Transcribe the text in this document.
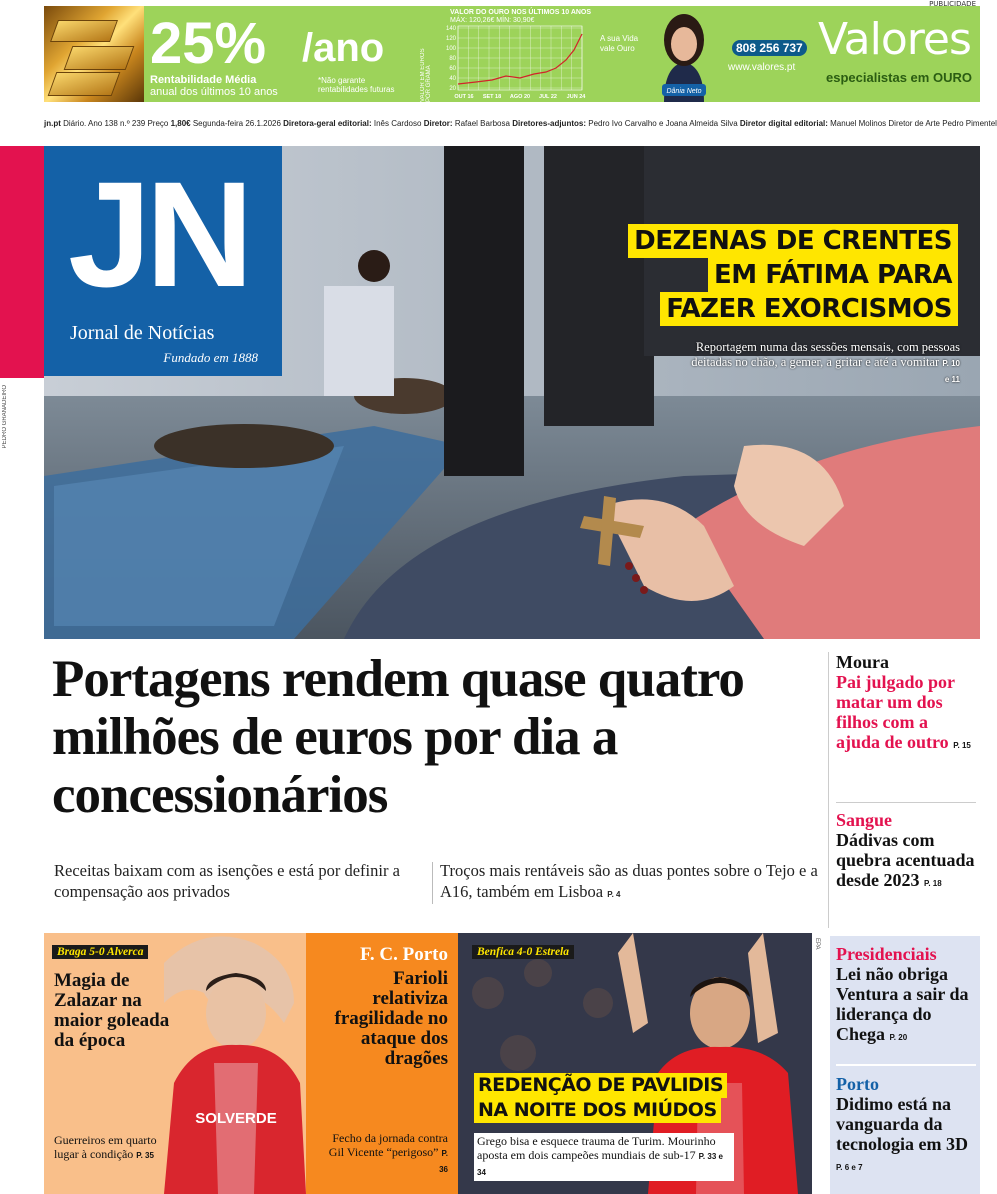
25% /ano
Rentabilidade Média
anual dos últimos 10 anos
*Não garante
rentabilidades futuras
VALOR DO OURO NOS ÚLTIMOS 10 ANOS
MÁX: 120,26€ MÍN: 30,90€
VALOR EM EUROS POR GRAMA
140
120
100
80
60
40
20
OUT 16 SET 18 AGO 20 JUL 22 JUN 24
A sua Vida
vale Ouro
Dânia Neto
808 256 737
www.valores.pt
Valores
especialistas em OURO
PUBLICIDADE
jn.pt Diário. Ano 138 n.º 239 Preço 1,80€ Segunda-feira 26.1.2026 Diretora-geral editorial: Inês Cardoso Diretor: Rafael Barbosa Diretores-adjuntos: Pedro Ivo Carvalho e Joana Almeida Silva Diretor digital editorial: Manuel Molinos Diretor de Arte Pedro Pimentel
PEDRO GRANADEIRO
JN
Jornal de Notícias
Fundado em 1888
DEZENAS DE CRENTES
EM FÁTIMA PARA
FAZER EXORCISMOS
Reportagem numa das sessões mensais, com pessoas deitadas no chão, a gemer, a gritar e até a vomitar P. 10 e 11
Portagens rendem quase quatro milhões de euros por dia a concessionários
Receitas baixam com as isenções e está por definir a compensação aos privados
Troços mais rentáveis são as duas pontes sobre o Tejo e a A16, também em Lisboa P. 4
Moura
Pai julgado por matar um dos filhos com a ajuda de outro P. 15
Sangue
Dádivas com quebra acentuada desde 2023 P. 18
Presidenciais
Lei não obriga Ventura a sair da liderança do Chega P. 20
Porto
Didimo está na vanguarda da tecnologia em 3D P. 6 e 7
SOLVERDE
Braga 5-0 Alverca
Magia de Zalazar na maior goleada da época
Guerreiros em quarto lugar à condição P. 35
F. C. Porto
Farioli relativiza fragilidade no ataque dos dragões
Fecho da jornada contra Gil Vicente “perigoso” P. 36
Benfica 4-0 Estrela
REDENÇÃO DE PAVLIDIS
NA NOITE DOS MIÚDOS
Grego bisa e esquece trauma de Turim. Mourinho aposta em dois campeões mundiais de sub-17 P. 33 e 34
EPA
